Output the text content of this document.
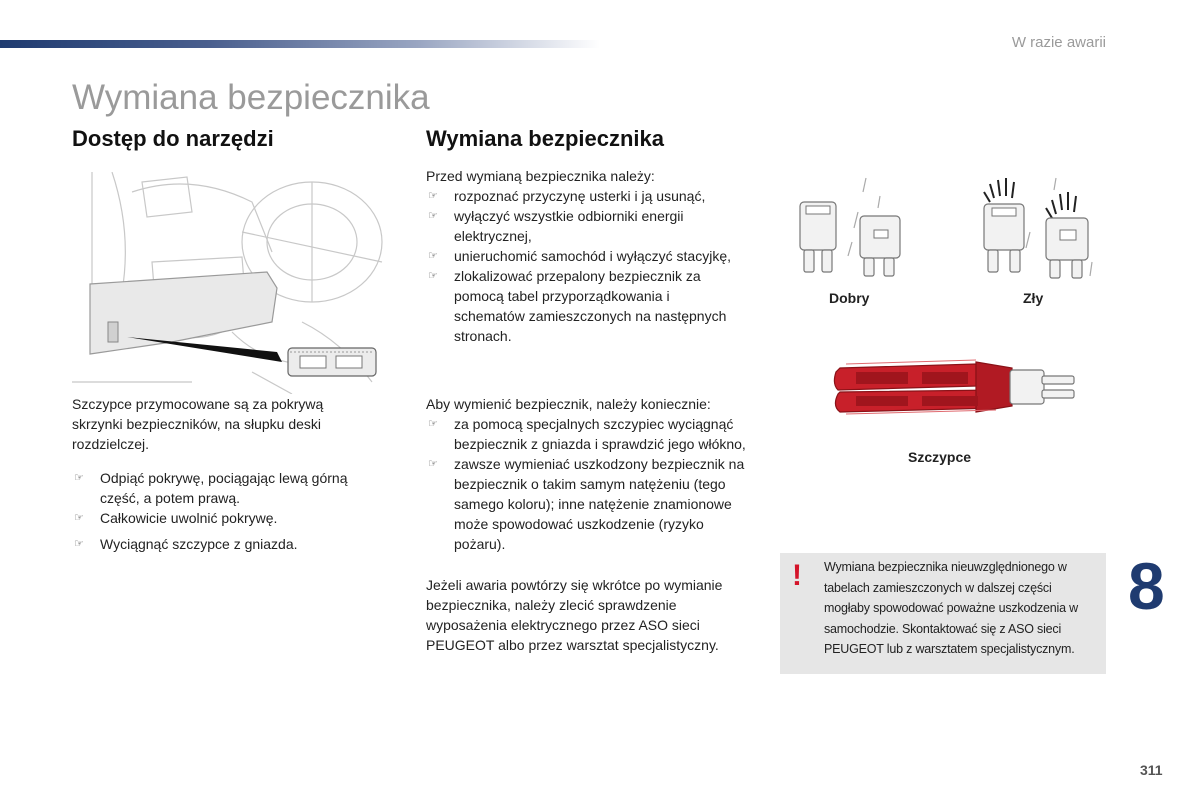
W razie awarii
Wymiana bezpiecznika
Dostęp do narzędzi

Szczypce przymocowane są za pokrywą skrzynki bezpieczników, na słupku deski rozdzielczej.

☞ Odpiąć pokrywę, pociągając lewą górną część, a potem prawą.
☞ Całkowicie uwolnić pokrywę.
☞ Wyciągnąć szczypce z gniazda.
Wymiana bezpiecznika

Przed wymianą bezpiecznika należy:

☞ rozpoznać przyczynę usterki i ją usunąć,
☞ wyłączyć wszystkie odbiorniki energii elektrycznej,
☞ unieruchomić samochód i wyłączyć stacyjkę,
☞ zlokalizować przepalony bezpiecznik za pomocą tabel przyporządkowania i schematów zamieszczonych na następnych stronach.

Aby wymienić bezpiecznik, należy koniecznie:

☞ za pomocą specjalnych szczypiec wyciągnąć bezpiecznik z gniazda i sprawdzić jego włókno,
☞ zawsze wymieniać uszkodzony bezpiecznik na bezpiecznik o takim samym natężeniu (tego samego koloru); inne natężenie znamionowe może spowodować uszkodzenie (ryzyko pożaru).

Jeżeli awaria powtórzy się wkrótce po wymianie bezpiecznika, należy zlecić sprawdzenie wyposażenia elektrycznego przez ASO sieci PEUGEOT albo przez warsztat specjalistyczny.

Dobry	Zły
Szczypce
! Wymiana bezpiecznika nieuwzględnionego w tabelach zamieszczonych w dalszej części mogłaby spowodować poważne uszkodzenia w samochodzie. Skontaktować się z ASO sieci PEUGEOT lub z warsztatem specjalistycznym.
8
311
